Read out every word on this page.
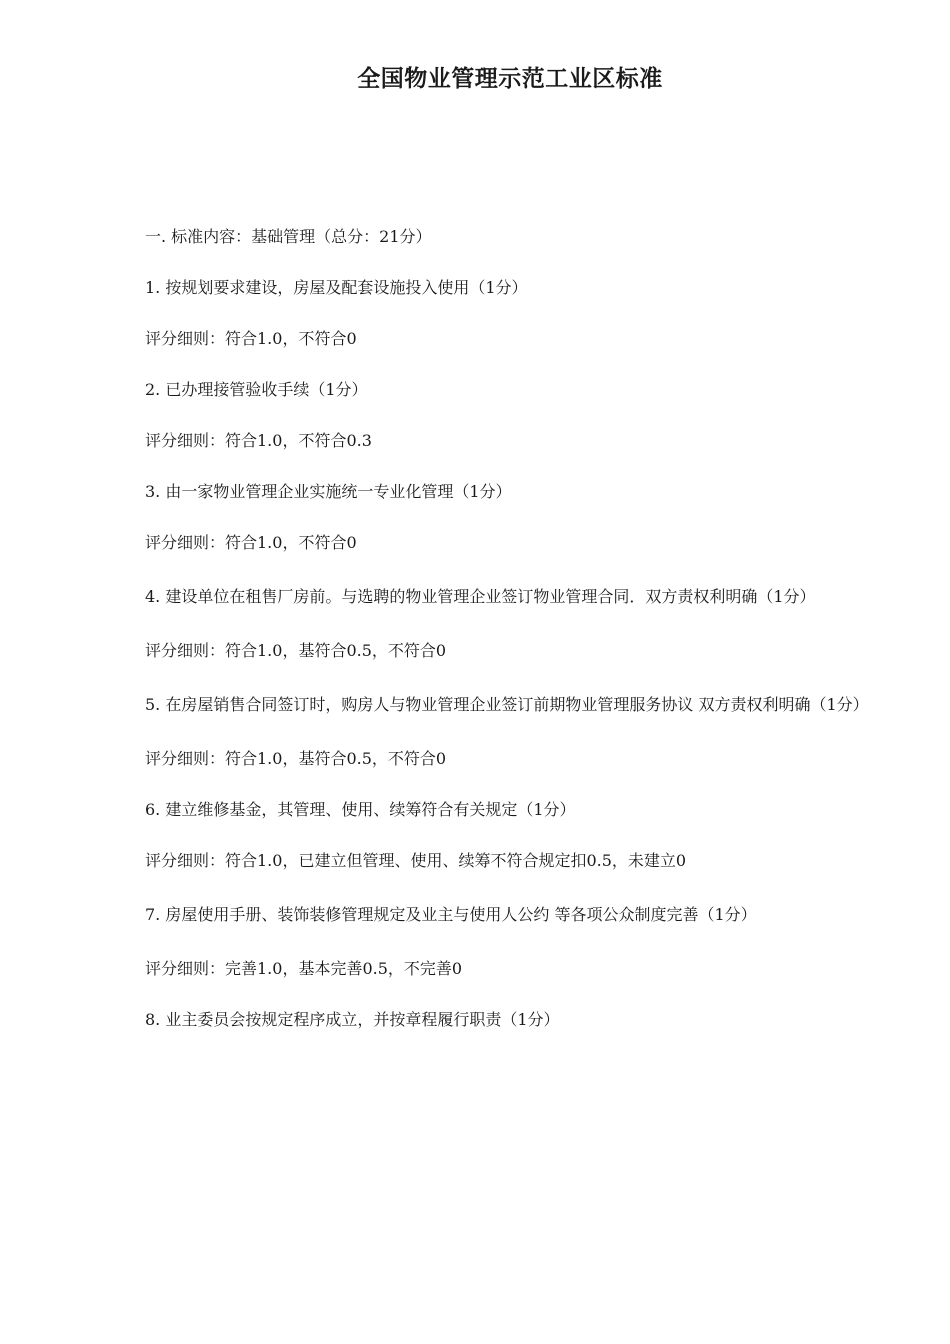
全国物业管理示范工业区标准

一. 标准内容：基础管理（总分：21分）

1. 按规划要求建设，房屋及配套设施投入使用（1分）

评分细则：符合1.0，不符合0

2. 已办理接管验收手续（1分）

评分细则：符合1.0，不符合0.3

3. 由一家物业管理企业实施统一专业化管理（1分）

评分细则：符合1.0，不符合0

4. 建设单位在租售厂房前。与选聘的物业管理企业签订物业管理合同．双方责权利明确（1分）

评分细则：符合1.0，基符合0.5，不符合0

5. 在房屋销售合同签订时，购房人与物业管理企业签订前期物业管理服务协议 双方责权利明确（1分）

评分细则：符合1.0，基符合0.5，不符合0

6. 建立维修基金，其管理、使用、续筹符合有关规定（1分）

评分细则：符合1.0，已建立但管理、使用、续筹不符合规定扣0.5，未建立0

7. 房屋使用手册、装饰装修管理规定及业主与使用人公约 等各项公众制度完善（1分）

评分细则：完善1.0，基本完善0.5，不完善0

8. 业主委员会按规定程序成立，并按章程履行职责（1分）
